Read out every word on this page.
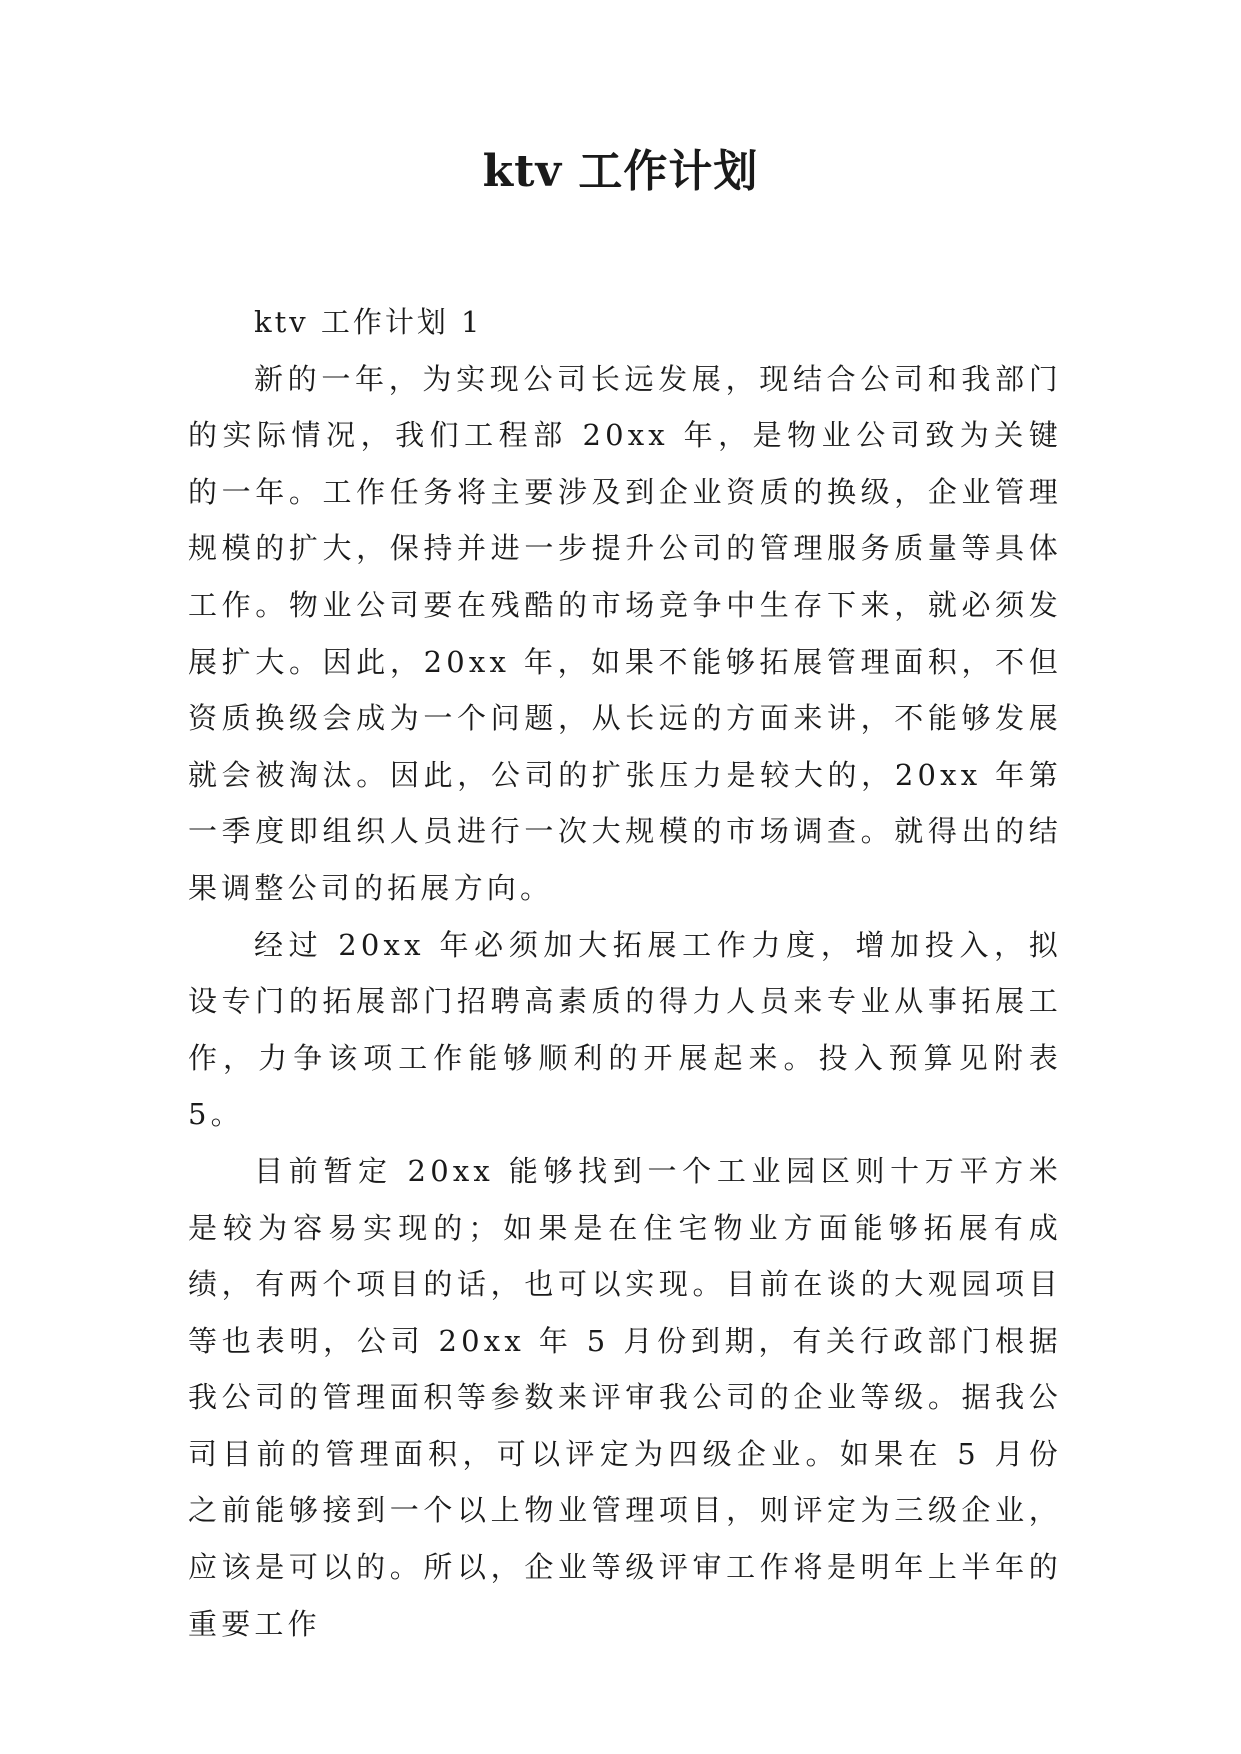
ktv 工作计划

ktv 工作计划 1

新的一年，为实现公司长远发展，现结合公司和我部门的实际情况，我们工程部 20xx 年，是物业公司致为关键的一年。工作任务将主要涉及到企业资质的换级，企业管理规模的扩大，保持并进一步提升公司的管理服务质量等具体工作。物业公司要在残酷的市场竞争中生存下来，就必须发展扩大。因此，20xx 年，如果不能够拓展管理面积，不但资质换级会成为一个问题，从长远的方面来讲，不能够发展就会被淘汰。因此，公司的扩张压力是较大的，20xx 年第一季度即组织人员进行一次大规模的市场调查。就得出的结果调整公司的拓展方向。

经过 20xx 年必须加大拓展工作力度，增加投入，拟设专门的拓展部门招聘高素质的得力人员来专业从事拓展工作，力争该项工作能够顺利的开展起来。投入预算见附表 5。

目前暂定 20xx 能够找到一个工业园区则十万平方米是较为容易实现的；如果是在住宅物业方面能够拓展有成绩，有两个项目的话，也可以实现。目前在谈的大观园项目等也表明，公司 20xx 年 5 月份到期，有关行政部门根据我公司的管理面积等参数来评审我公司的企业等级。据我公司目前的管理面积，可以评定为四级企业。如果在 5 月份之前能够接到一个以上物业管理项目，则评定为三级企业，应该是可以的。所以，企业等级评审工作将是明年上半年的重要工作
